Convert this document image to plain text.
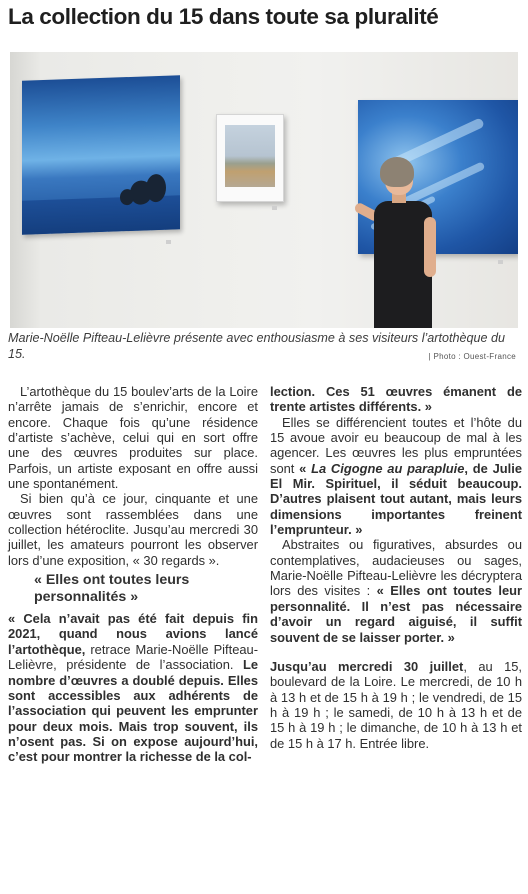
La collection du 15 dans toute sa pluralité
Marie-Noëlle Pifteau-Lelièvre présente avec enthousiasme à ses visiteurs l’artothèque du 15.	| Photo : Ouest-France

L’artothèque du 15 boulev’arts de la Loire n’arrête jamais de s’enrichir, encore et encore. Chaque fois qu’une résidence d’artiste s’achève, celui qui en sort offre une des œuvres produites sur place. Parfois, un artiste exposant en offre aussi une spontanément.

Si bien qu’à ce jour, cinquante et une œuvres sont rassemblées dans une collection hétéroclite. Jusqu’au mercredi 30 juillet, les amateurs pourront les observer lors d’une exposition, « 30 regards ».

« Elles ont toutes leurs personnalités »

« Cela n’avait pas été fait depuis fin 2021, quand nous avions lancé l’artothèque, retrace Marie-Noëlle Pifteau-Lelièvre, présidente de l’association. Le nombre d’œuvres a doublé depuis. Elles sont accessibles aux adhérents de l’association qui peuvent les emprunter pour deux mois. Mais trop souvent, ils n’osent pas. Si on expose aujourd’hui, c’est pour montrer la richesse de la col-

lection. Ces 51 œuvres émanent de trente artistes différents. »

Elles se différencient toutes et l’hôte du 15 avoue avoir eu beaucoup de mal à les agencer. Les œuvres les plus empruntées sont « La Cigogne au parapluie, de Julie El Mir. Spirituel, il séduit beaucoup. D’autres plaisent tout autant, mais leurs dimensions importantes freinent l’emprunteur. »

Abstraites ou figuratives, absurdes ou contemplatives, audacieuses ou sages, Marie-Noëlle Pifteau-Lelièvre les décryptera lors des visites : « Elles ont toutes leur personnalité. Il n’est pas nécessaire d’avoir un regard aiguisé, il suffit souvent de se laisser porter. »

Jusqu’au mercredi 30 juillet, au 15, boulevard de la Loire. Le mercredi, de 10 h à 13 h et de 15 h à 19 h ; le vendredi, de 15 h à 19 h ; le samedi, de 10 h à 13 h et de 15 h à 19 h ; le dimanche, de 10 h à 13 h et de 15 h à 17 h. Entrée libre.
